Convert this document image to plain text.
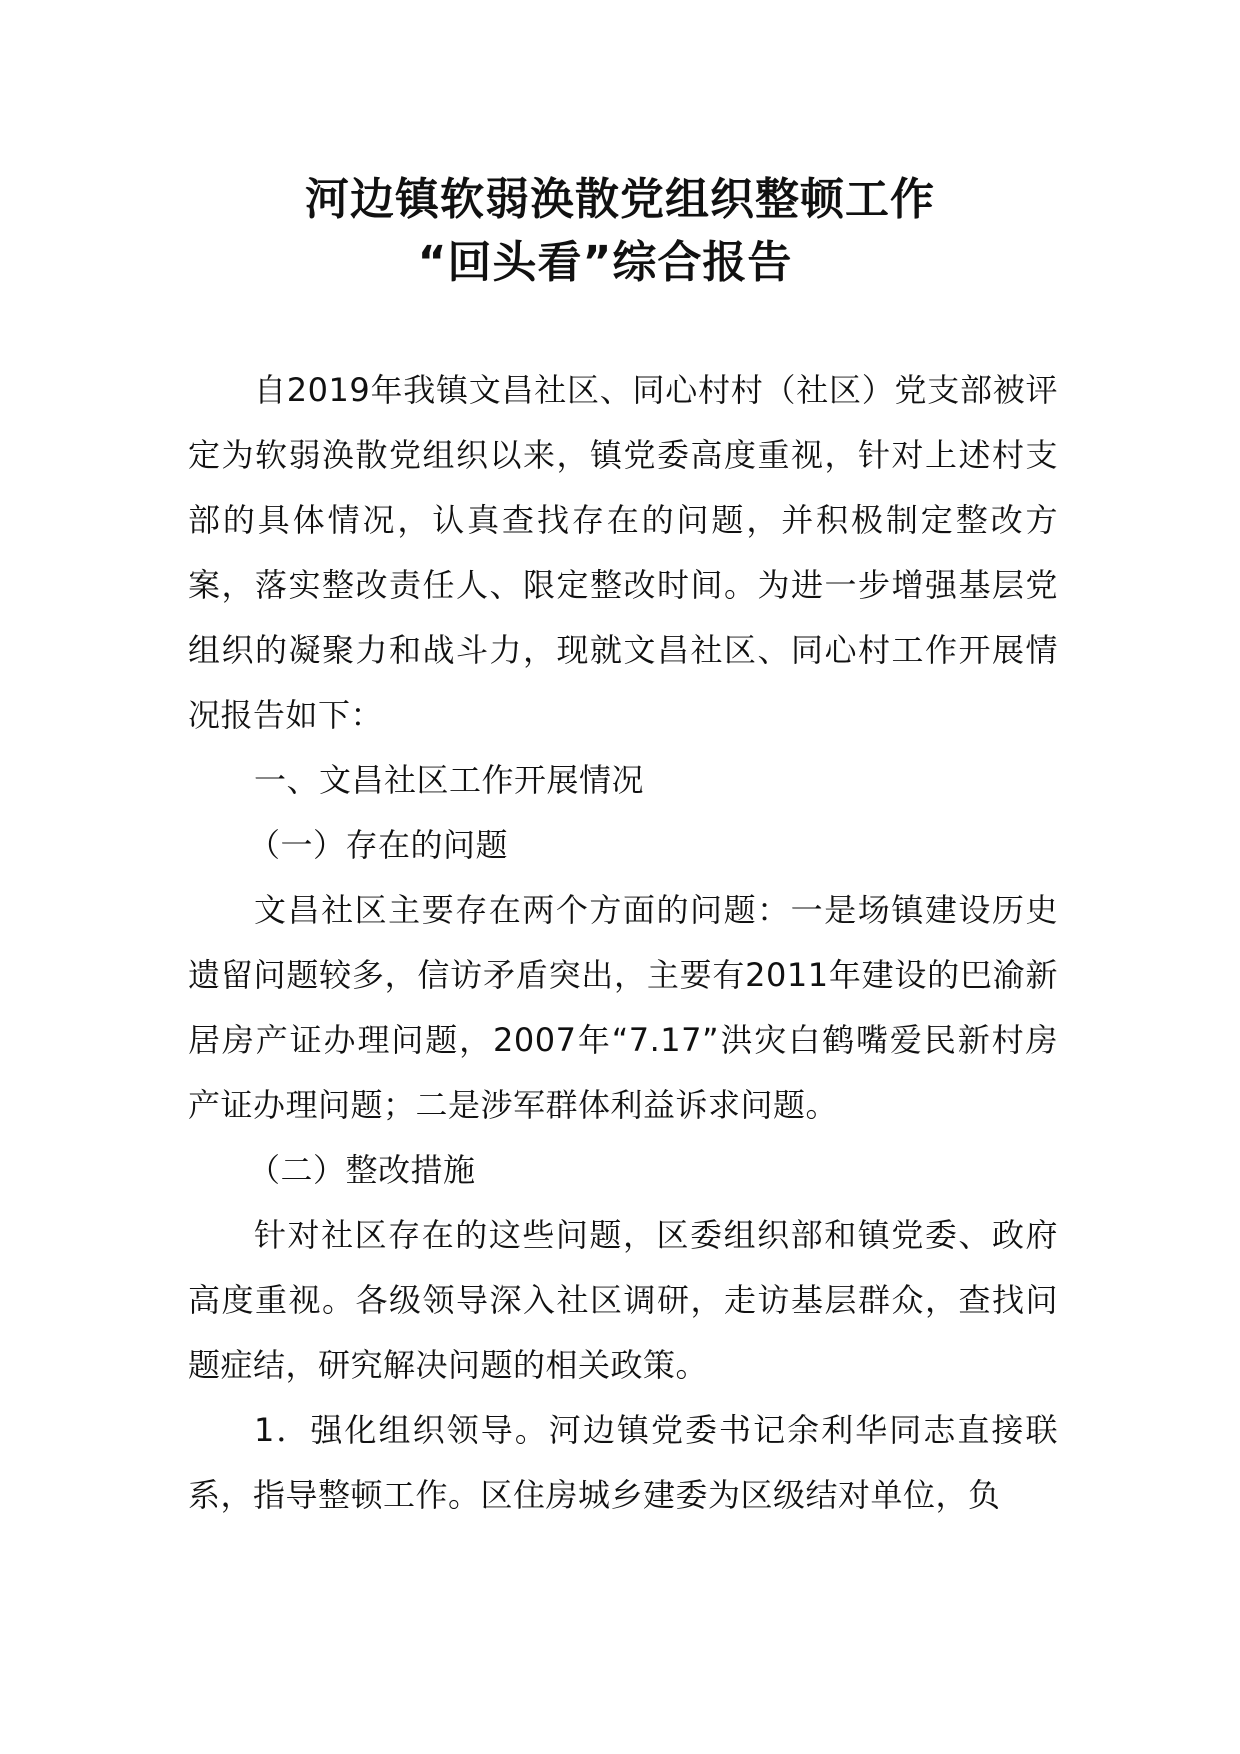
河边镇软弱涣散党组织整顿工作
“回头看”综合报告

自2019年我镇文昌社区、同心村村（社区）党支部被评定为软弱涣散党组织以来，镇党委高度重视，针对上述村支部的具体情况，认真查找存在的问题，并积极制定整改方案，落实整改责任人、限定整改时间。为进一步增强基层党组织的凝聚力和战斗力，现就文昌社区、同心村工作开展情况报告如下：

一、文昌社区工作开展情况

（一）存在的问题

文昌社区主要存在两个方面的问题：一是场镇建设历史遗留问题较多，信访矛盾突出，主要有2011年建设的巴渝新居房产证办理问题，2007年“7.17”洪灾白鹤嘴爱民新村房产证办理问题；二是涉军群体利益诉求问题。

（二）整改措施

针对社区存在的这些问题，区委组织部和镇党委、政府高度重视。各级领导深入社区调研，走访基层群众，查找问题症结，研究解决问题的相关政策。

1．强化组织领导。河边镇党委书记余利华同志直接联系，指导整顿工作。区住房城乡建委为区级结对单位，负
